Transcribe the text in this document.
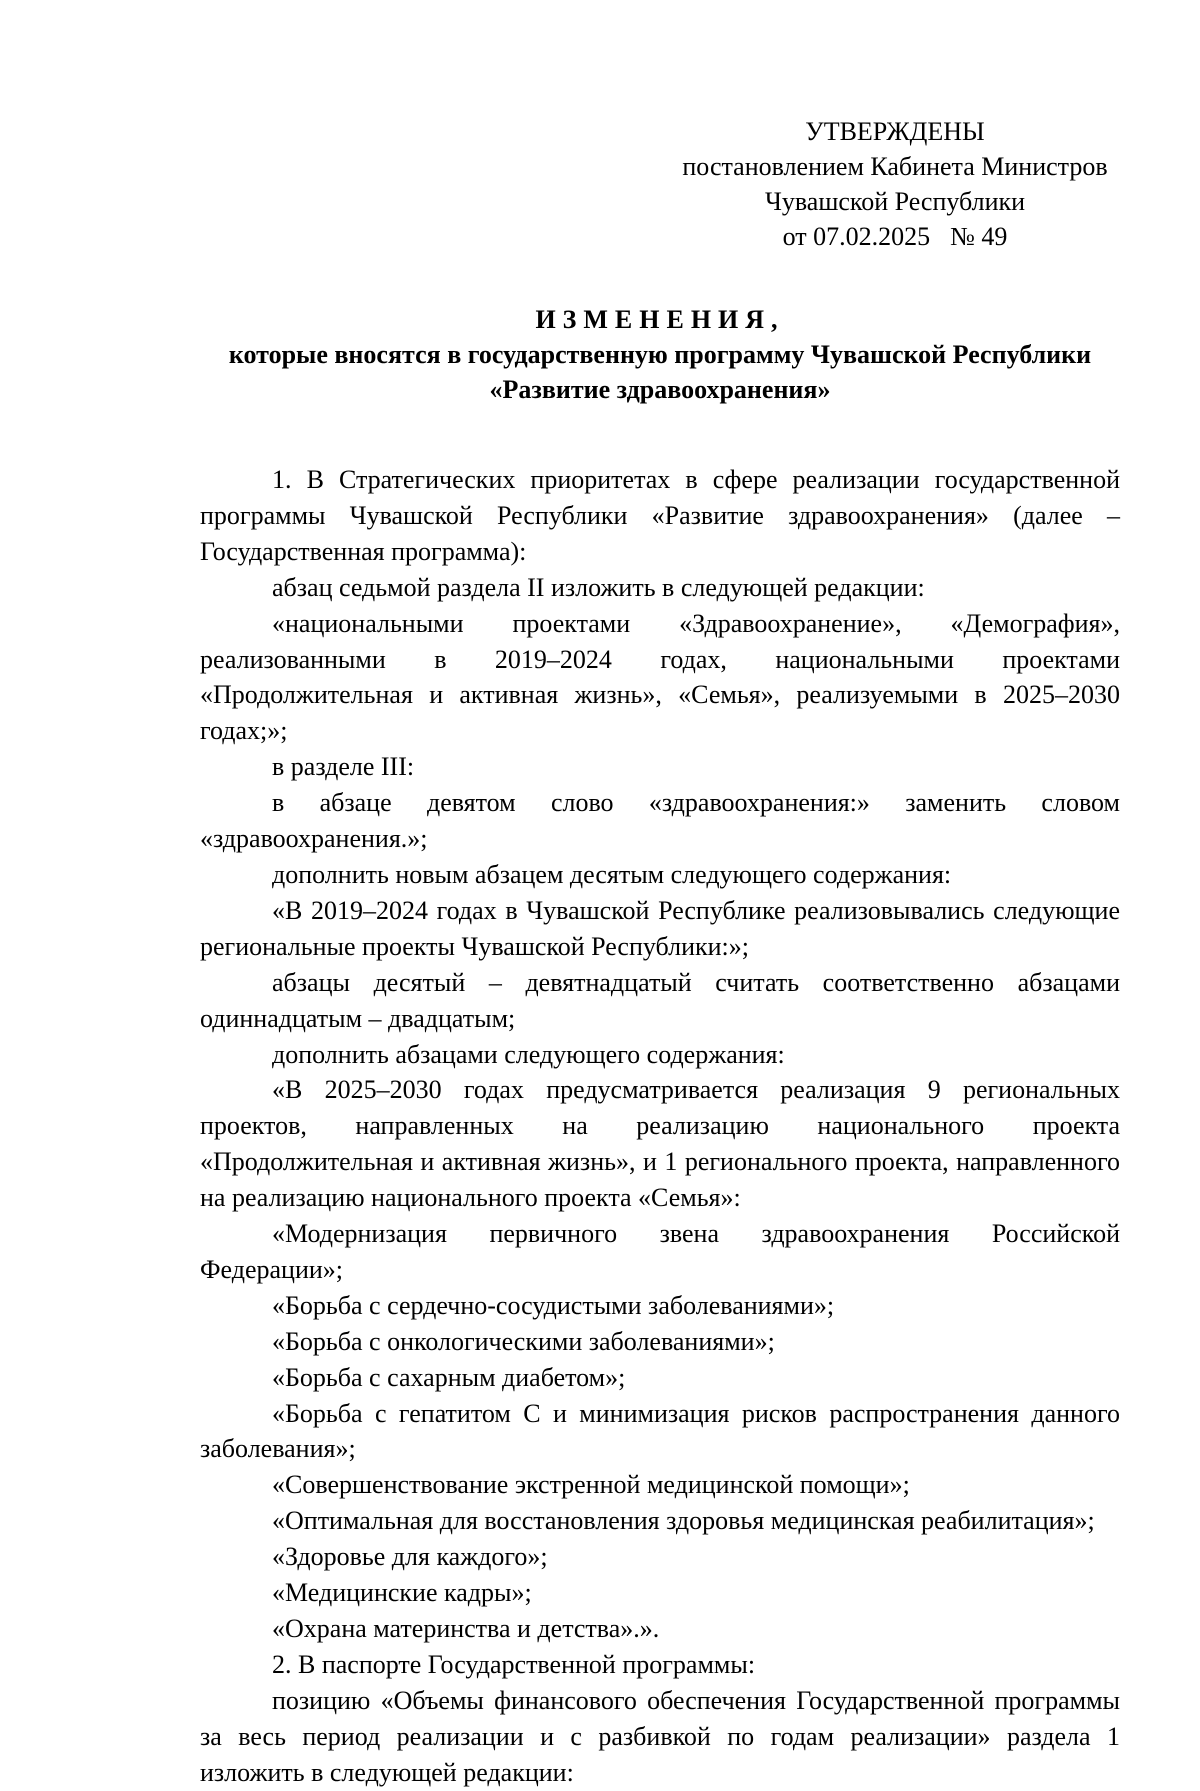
УТВЕРЖДЕНЫ
постановлением Кабинета Министров
Чувашской Республики
от 07.02.2025 № 49
ИЗМЕНЕНИЯ,
которые вносятся в государственную программу Чувашской Республики
«Развитие здравоохранения»

1. В Стратегических приоритетах в сфере реализации государственной программы Чувашской Республики «Развитие здравоохранения» (далее – Государственная программа):

абзац седьмой раздела II изложить в следующей редакции:

«национальными проектами «Здравоохранение», «Демография», реализованными в 2019–2024 годах, национальными проектами «Продолжительная и активная жизнь», «Семья», реализуемыми в 2025–2030 годах;»;

в разделе III:

в абзаце девятом слово «здравоохранения:» заменить словом «здравоохранения.»;

дополнить новым абзацем десятым следующего содержания:

«В 2019–2024 годах в Чувашской Республике реализовывались следующие региональные проекты Чувашской Республики:»;

абзацы десятый – девятнадцатый считать соответственно абзацами одиннадцатым – двадцатым;

дополнить абзацами следующего содержания:

«В 2025–2030 годах предусматривается реализация 9 региональных проектов, направленных на реализацию национального проекта «Продолжительная и активная жизнь», и 1 регионального проекта, направленного на реализацию национального проекта «Семья»:

«Модернизация первичного звена здравоохранения Российской Федерации»;

«Борьба с сердечно-сосудистыми заболеваниями»;

«Борьба с онкологическими заболеваниями»;

«Борьба с сахарным диабетом»;

«Борьба с гепатитом С и минимизация рисков распространения данного заболевания»;

«Совершенствование экстренной медицинской помощи»;

«Оптимальная для восстановления здоровья медицинская реабилитация»;

«Здоровье для каждого»;

«Медицинские кадры»;

«Охрана материнства и детства».».

2. В паспорте Государственной программы:

позицию «Объемы финансового обеспечения Государственной программы за весь период реализации и с разбивкой по годам реализации» раздела 1 изложить в следующей редакции:
